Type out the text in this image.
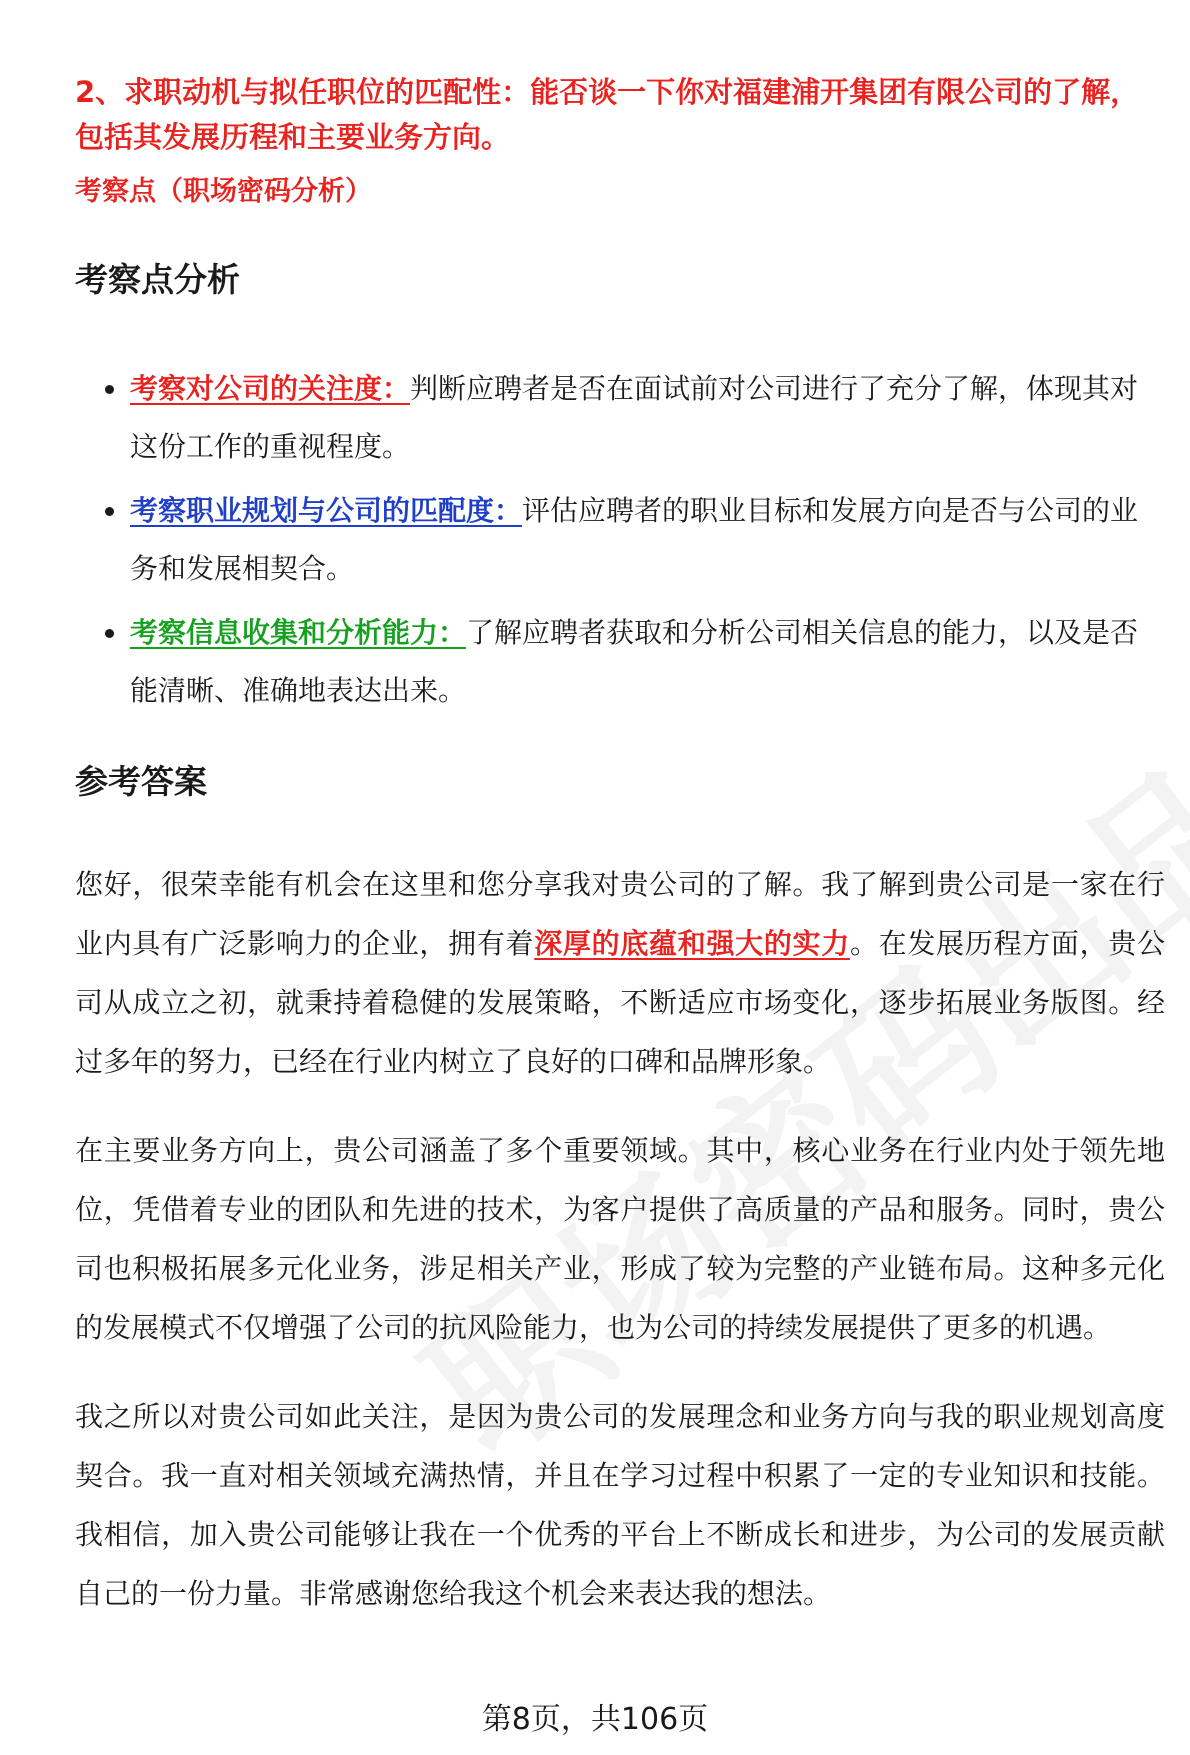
2、求职动机与拟任职位的匹配性：能否谈一下你对福建浦开集团有限公司的了解，包括其发展历程和主要业务方向。

考察点（职场密码分析）

考察点分析
考察对公司的关注度：判断应聘者是否在面试前对公司进行了充分了解，体现其对这份工作的重视程度。
考察职业规划与公司的匹配度：评估应聘者的职业目标和发展方向是否与公司的业务和发展相契合。
考察信息收集和分析能力：了解应聘者获取和分析公司相关信息的能力，以及是否能清晰、准确地表达出来。
参考答案

您好，很荣幸能有机会在这里和您分享我对贵公司的了解。我了解到贵公司是一家在行业内具有广泛影响力的企业，拥有着深厚的底蕴和强大的实力。在发展历程方面，贵公司从成立之初，就秉持着稳健的发展策略，不断适应市场变化，逐步拓展业务版图。经过多年的努力，已经在行业内树立了良好的口碑和品牌形象。

在主要业务方向上，贵公司涵盖了多个重要领域。其中，核心业务在行业内处于领先地位，凭借着专业的团队和先进的技术，为客户提供了高质量的产品和服务。同时，贵公司也积极拓展多元化业务，涉足相关产业，形成了较为完整的产业链布局。这种多元化的发展模式不仅增强了公司的抗风险能力，也为公司的持续发展提供了更多的机遇。

我之所以对贵公司如此关注，是因为贵公司的发展理念和业务方向与我的职业规划高度契合。我一直对相关领域充满热情，并且在学习过程中积累了一定的专业知识和技能。我相信，加入贵公司能够让我在一个优秀的平台上不断成长和进步，为公司的发展贡献自己的一份力量。非常感谢您给我这个机会来表达我的想法。

第8页，共106页
